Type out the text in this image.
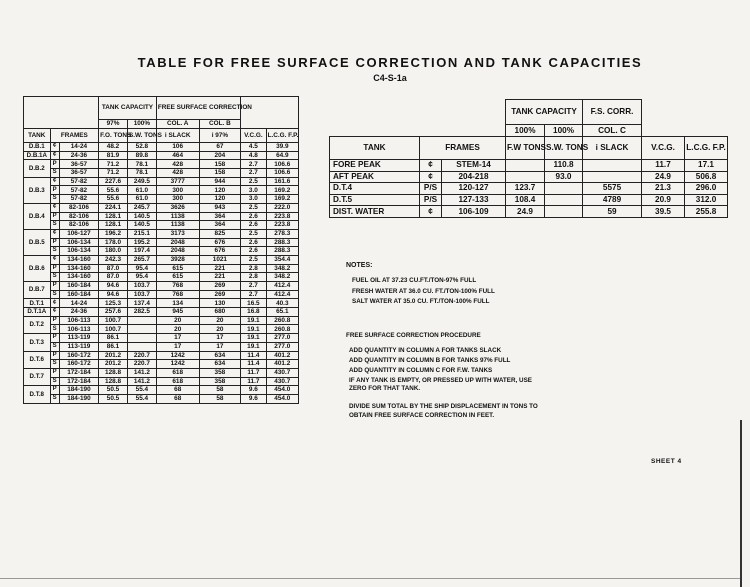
TABLE FOR FREE SURFACE CORRECTION AND TANK CAPACITIES
C4-S-1a
			TANK CAPACITY		FREE SURFACE CORRECTION			
			97%	100%	COL. A	COL. B		
TANK	FRAMES		F.O. TONS	S.W. TONS	i SLACK	i 97%	V.C.G.	L.C.G. F.P.
D.B.1	¢	14-24	48.2	52.8	106	67	4.5	39.9
D.B.1A	¢	24-36	81.9	89.8	464	204	4.8	64.9
D.B.2	P	36-57	71.2	78.1	428	158	2.7	106.6
	S	36-57	71.2	78.1	428	158	2.7	106.6
D.B.3	¢	57-82	227.6	249.5	3777	944	2.5	161.6
	P	57-82	55.6	61.0	300	120	3.0	169.2
	S	57-82	55.6	61.0	300	120	3.0	169.2
D.B.4	¢	82-106	224.1	245.7	3626	943	2.5	222.0
	P	82-106	128.1	140.5	1138	364	2.6	223.8
	S	82-106	128.1	140.5	1138	364	2.6	223.8
D.B.5	¢	106-127	196.2	215.1	3173	825	2.5	278.3
	P	106-134	178.0	195.2	2048	676	2.6	288.3
	S	106-134	180.0	197.4	2048	676	2.6	288.3
D.B.6	¢	134-160	242.3	265.7	3928	1021	2.5	354.4
	P	134-160	87.0	95.4	615	221	2.8	348.2
	S	134-160	87.0	95.4	615	221	2.8	348.2
D.B.7	P	160-184	94.6	103.7	768	269	2.7	412.4
	S	160-184	94.6	103.7	768	269	2.7	412.4
D.T.1	¢	14-24	125.3	137.4	134	130	16.5	40.3
D.T.1A	¢	24-36	257.6	282.5	945	680	16.8	65.1
D.T.2	P	106-113	100.7		20	20	19.1	260.8
	S	106-113	100.7		20	20	19.1	260.8
D.T.3	P	113-119	86.1		17	17	19.1	277.0
	S	113-119	86.1		17	17	19.1	277.0
D.T.6	P	160-172	201.2	220.7	1242	634	11.4	401.2
	S	160-172	201.2	220.7	1242	634	11.4	401.2
D.T.7	P	172-184	128.8	141.2	618	358	11.7	430.7
	S	172-184	128.8	141.2	618	358	11.7	430.7
D.T.8	P	184-190	50.5	55.4	68	58	9.6	454.0
	S	184-190	50.5	55.4	68	58	9.6	454.0
			TANK CAPACITY		F.S. CORR.		
			100%	100%	COL. C		
TANK	FRAMES		F.W TONS	S.W. TONS	i SLACK	V.C.G.	L.C.G. F.P.
FORE PEAK	¢	STEM-14		110.8		11.7	17.1
AFT PEAK	¢	204-218		93.0		24.9	506.8
D.T.4	P/S	120-127	123.7		5575	21.3	296.0
D.T.5	P/S	127-133	108.4		4789	20.9	312.0
DIST. WATER	¢	106-109	24.9		59	39.5	255.8
NOTES:
FUEL OIL AT 37.23 CU.FT./TON-97% FULL
FRESH WATER AT 36.0 CU. FT./TON-100% FULL
SALT WATER AT 35.0 CU. FT./TON-100% FULL
FREE SURFACE CORRECTION PROCEDURE
ADD QUANTITY IN COLUMN A FOR TANKS SLACK
ADD QUANTITY IN COLUMN B FOR TANKS 97% FULL
ADD QUANTITY IN COLUMN C FOR F.W. TANKS
IF ANY TANK IS EMPTY, OR PRESSED UP WITH WATER, USE
ZERO FOR THAT TANK.
DIVIDE SUM TOTAL BY THE SHIP DISPLACEMENT IN TONS TO
OBTAIN FREE SURFACE CORRECTION IN FEET.
SHEET 4
